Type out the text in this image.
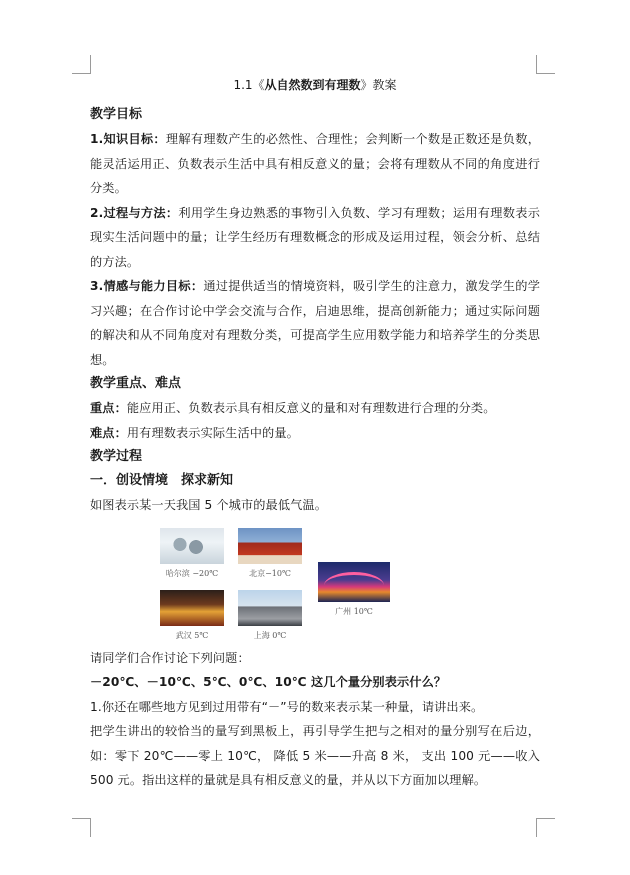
1.1《从自然数到有理数》教案

教学目标

1.知识目标：理解有理数产生的必然性、合理性；会判断一个数是正数还是负数，能灵活运用正、负数表示生活中具有相反意义的量；会将有理数从不同的角度进行分类。

2.过程与方法：利用学生身边熟悉的事物引入负数、学习有理数；运用有理数表示现实生活问题中的量；让学生经历有理数概念的形成及运用过程，领会分析、总结的方法。

3.情感与能力目标：通过提供适当的情境资料，吸引学生的注意力，激发学生的学习兴趣；在合作讨论中学会交流与合作，启迪思维，提高创新能力；通过实际问题的解决和从不同角度对有理数分类，可提高学生应用数学能力和培养学生的分类思想。

教学重点、难点

重点：能应用正、负数表示具有相反意义的量和对有理数进行合理的分类。

难点：用有理数表示实际生活中的量。

教学过程

一．创设情境　探求新知

如图表示某一天我国 5 个城市的最低气温。

哈尔滨 −20℃	北京−10℃
广州 10℃
武汉 5℃	上海 0℃

请同学们合作讨论下列问题：

－20℃、－10℃、5℃、0℃、10℃ 这几个量分别表示什么？

1.你还在哪些地方见到过用带有“－”号的数来表示某一种量，请讲出来。

把学生讲出的较恰当的量写到黑板上，再引导学生把与之相对的量分别写在后边，如：零下 20℃——零上 10℃， 降低 5 米——升高 8 米， 支出 100 元——收入 500 元。指出这样的量就是具有相反意义的量，并从以下方面加以理解。
